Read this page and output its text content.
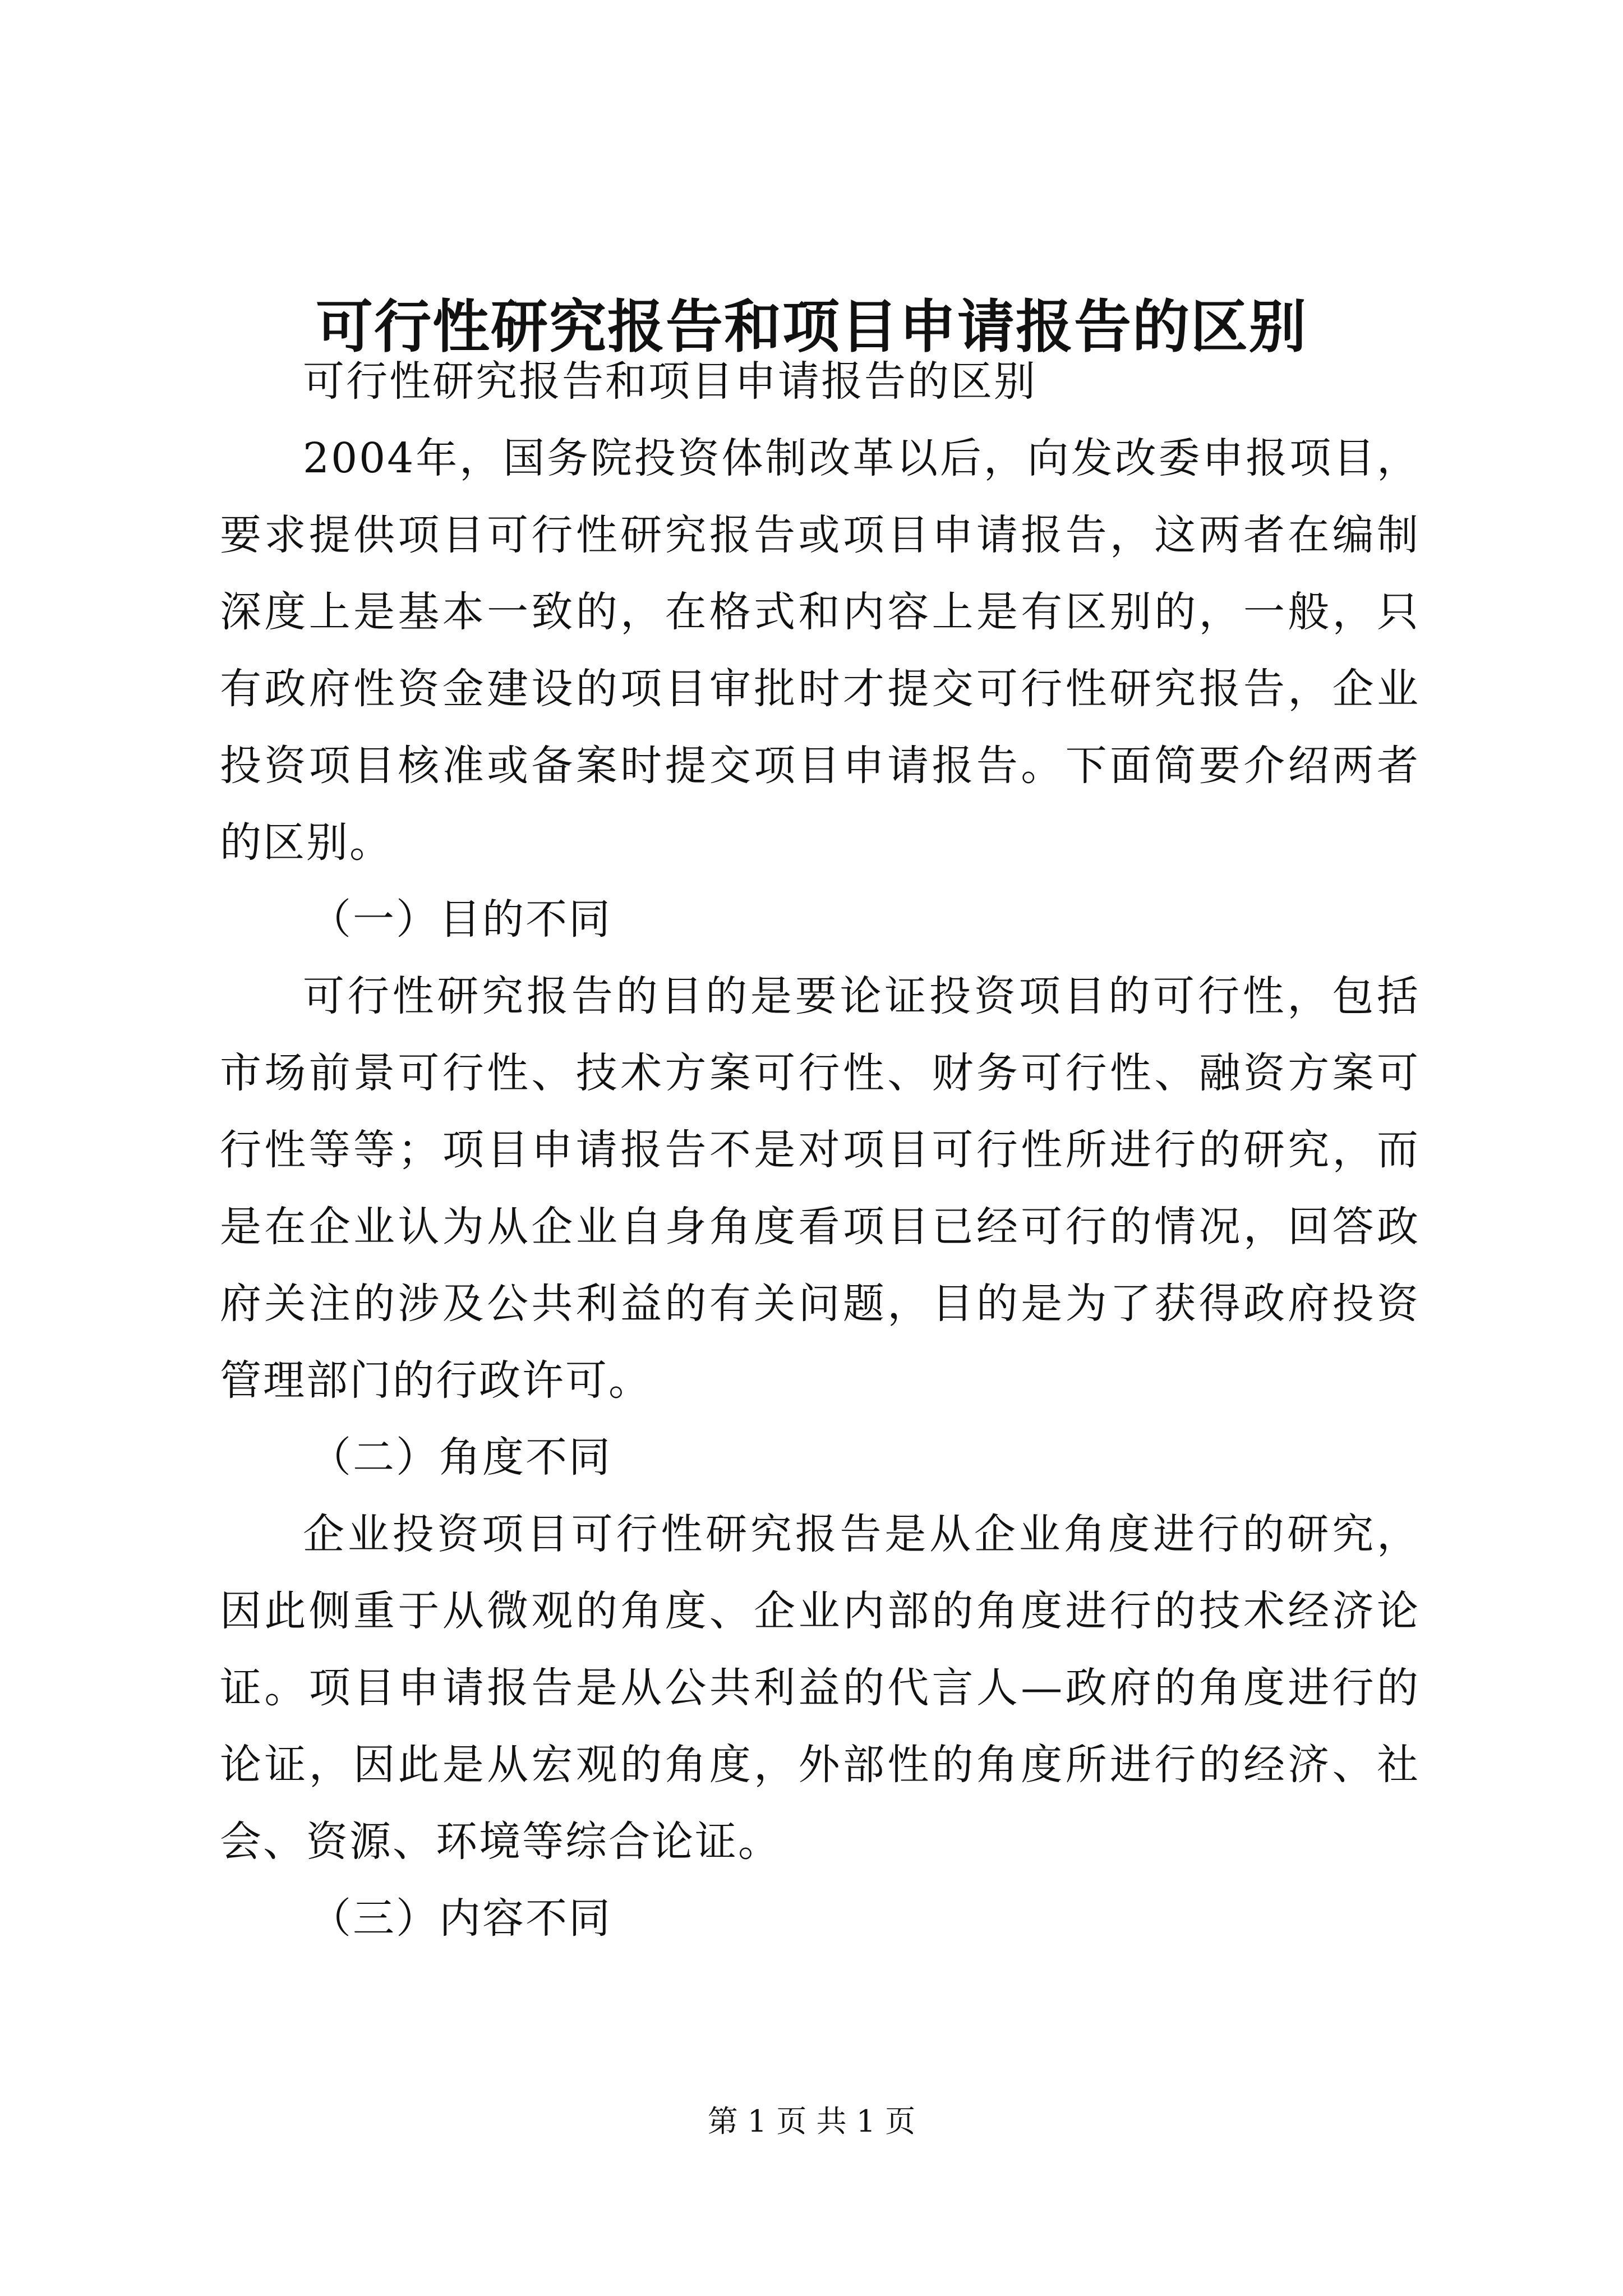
可行性研究报告和项目申请报告的区别

可行性研究报告和项目申请报告的区别

2004年，国务院投资体制改革以后，向发改委申报项目，要求提供项目可行性研究报告或项目申请报告，这两者在编制深度上是基本一致的，在格式和内容上是有区别的，一般，只有政府性资金建设的项目审批时才提交可行性研究报告，企业投资项目核准或备案时提交项目申请报告。下面简要介绍两者的区别。

（一）目的不同

可行性研究报告的目的是要论证投资项目的可行性，包括市场前景可行性、技术方案可行性、财务可行性、融资方案可行性等等；项目申请报告不是对项目可行性所进行的研究，而是在企业认为从企业自身角度看项目已经可行的情况，回答政府关注的涉及公共利益的有关问题，目的是为了获得政府投资管理部门的行政许可。

（二）角度不同

企业投资项目可行性研究报告是从企业角度进行的研究，因此侧重于从微观的角度、企业内部的角度进行的技术经济论证。项目申请报告是从公共利益的代言人—政府的角度进行的论证，因此是从宏观的角度，外部性的角度所进行的经济、社会、资源、环境等综合论证。

（三）内容不同

第 1 页 共 1 页
